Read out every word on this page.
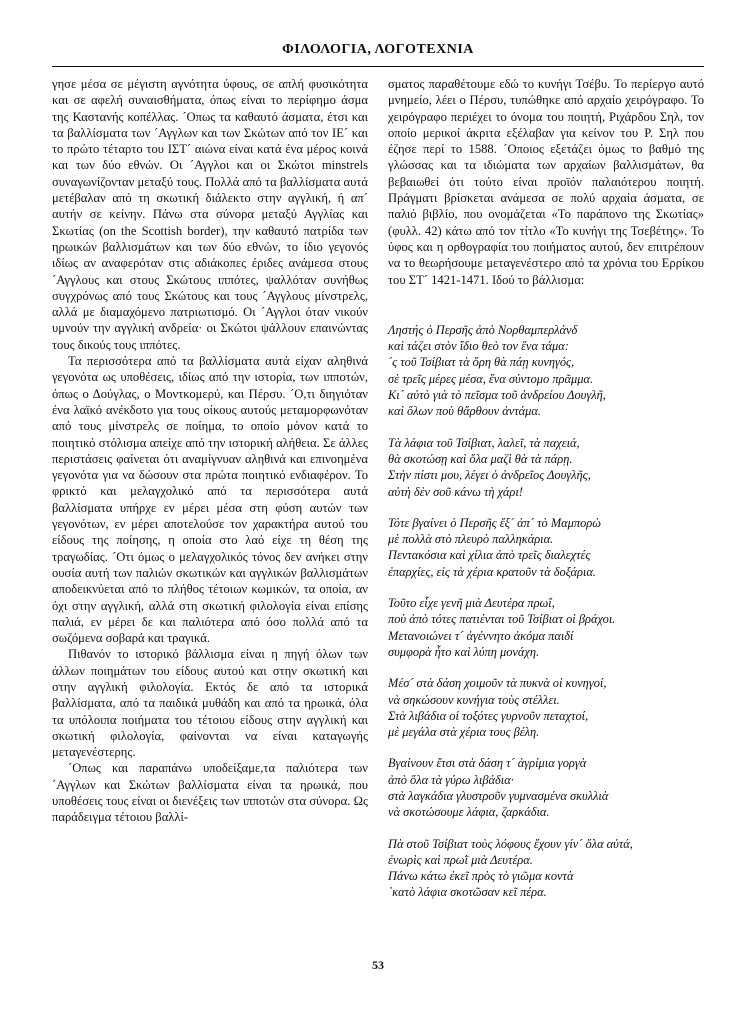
ΦΙΛΟΛΟΓΙΑ, ΛΟΓΟΤΕΧΝΙΑ

γησε μέσα σε μέγιστη αγνότητα ύφους, σε απλή φυσικότητα και σε αφελή συναισθήματα, όπως είναι το περίφημο άσμα της Καστανής κοπέλλας. ´Οπως τα καθαυτό άσματα, έτσι και τα βαλλίσματα των ´Αγγλων και των Σκώτων από τον ΙΕ´ και το πρώτο τέταρτο του ΙΣΤ´ αιώνα είναι κατά ένα μέρος κοινά και των δύο εθνών. Οι ´Αγγλοι και οι Σκώτοι minstrels συναγωνίζονταν μεταξύ τους. Πολλά από τα βαλλίσματα αυτά μετέβαλαν από τη σκωτική διάλεκτο στην αγγλική, ή απ´ αυτήν σε κείνην. Πάνω στα σύνορα μεταξύ Αγγλίας και Σκωτίας (on the Scottish border), την καθαυτό πατρίδα των ηρωικών βαλλισμάτων και των δύο εθνών, το ίδιο γεγονός ιδίως αν αναφερόταν στις αδιάκοπες έριδες ανάμεσα στους ´Αγγλους και στους Σκώτους ιππότες, ψαλλόταν συνήθως συγχρόνως από τους Σκώτους και τους ´Αγγλους μίνστρελς, αλλά με διαμαχόμενο πατριωτισμό. Οι ´Αγγλοι όταν νικούν υμνούν την αγγλική ανδρεία· οι Σκώτοι ψάλλουν επαινώντας τους δικούς τους ιππότες.

Τα περισσότερα από τα βαλλίσματα αυτά είχαν αληθινά γεγονότα ως υποθέσεις, ιδίως από την ιστορία, των ιπποτών, όπως ο Δούγλας, ο Μοντκομερύ, και Πέρσυ. ´Ο,τι διηγιόταν ένα λαϊκό ανέκδοτο για τους οίκους αυτούς μεταμορφωνόταν από τους μίνστρελς σε ποίημα, το οποίο μόνον κατά το ποιητικό στόλισμα απείχε από την ιστορική αλήθεια. Σε άλλες περιστάσεις φαίνεται ότι αναμίγνυαν αληθινά και επινοημένα γεγονότα για να δώσουν στα πρώτα ποιητικό ενδιαφέρον. Το φρικτό και μελαγχολικό από τα περισσότερα αυτά βαλλίσματα υπήρχε εν μέρει μέσα στη φύση αυτών των γεγονότων, εν μέρει αποτελούσε τον χαρακτήρα αυτού του είδους της ποίησης, η οποία στο λαό είχε τη θέση της τραγωδίας. ´Οτι όμως ο μελαγχολικός τόνος δεν ανήκει στην ουσία αυτή των παλιών σκωτικών και αγγλικών βαλλισμάτων αποδεικνύεται από το πλήθος τέτοιων κωμικών, τα οποία, αν όχι στην αγγλική, αλλά στη σκωτική φιλολογία είναι επίσης παλιά, εν μέρει δε και παλιότερα από όσο πολλά από τα σωζόμενα σοβαρά και τραγικά.

Πιθανόν το ιστορικό βάλλισμα είναι η πηγή όλων των άλλων ποιημάτων του είδους αυτού και στην σκωτική και στην αγγλική φιλολογία. Εκτός δε από τα ιστορικά βαλλίσματα, από τα παιδικά μυθάδη και από τα ηρωικά, όλα τα υπόλοιπα ποιήματα του τέτοιου είδους στην αγγλική και σκωτική φιλολογία, φαίνονται να είναι καταγωγής μεταγενέστερης.

´Οπως και παραπάνω υποδείξαμε,τα παλιότερα των ´Αγγλων και Σκώτων βαλλίσματα είναι τα ηρωικά, που υποθέσεις τους είναι οι διενέξεις των ιπποτών στα σύνορα. Ως παράδειγμα τέτοιου βαλλί-

σματος παραθέτουμε εδώ το κυνήγι Τσέβυ. Το περίεργο αυτό μνημείο, λέει ο Πέρσυ, τυπώθηκε από αρχαίο χειρόγραφο. Το χειρόγραφο περιέχει το όνομα του ποιητή, Ριχάρδου Σηλ, τον οποίο μερικοί άκριτα εξέλαβαν για κείνον του Ρ. Σηλ που έζησε περί το 1588. ´Οποιος εξετάζει όμως το βαθμό της γλώσσας και τα ιδιώματα των αρχαίων βαλλισμάτων, θα βεβαιωθεί ότι τούτο είναι προϊόν παλαιότερου ποιητή. Πράγματι βρίσκεται ανάμεσα σε πολύ αρχαία άσματα, σε παλιό βιβλίο, που ονομάζεται «Το παράπονο της Σκωτίας» (φυλλ. 42) κάτω από τον τίτλο «Το κυνήγι της Τσεβέτης». Το ύφος και η ορθογραφία του ποιήματος αυτού, δεν επιτρέπουν να το θεωρήσουμε μεταγενέστερο από τα χρόνια του Ερρίκου του ΣΤ´ 1421-1471. Ιδού το βάλλισμα:

Ληστής ὁ Περσῆς ἀπὸ Νορθαμπερλάνδ
καὶ τάζει στὸν ἴδιο θεὸ τον ἕνα τάμα:
´ς τοῦ Τσίβιατ τὰ ὄρη θὰ πάῃ κυνηγός,
σὲ τρεῖς μέρες μέσα, ἕνα σύντομο πρᾶμμα.
Κι´ αὐτὸ γιὰ τὸ πεῖσμα τοῦ ἀνδρείου Δουγλῆ,
καὶ ὅλων ποὺ θἄρθουν ἀντάμα.
Τὰ λάφια τοῦ Τσίβιατ, λαλεῖ, τὰ παχειά,
θὰ σκοτώσῃ καὶ ὅλα μαζὶ θὰ τὰ πάρῃ.
Στὴν πίστι μου, λέγει ὁ ἀνδρεῖος Δουγλῆς,
αὐτὴ δὲν σοῦ κάνω τὴ χάρι!
Τότε βγαίνει ὁ Περσῆς ἔξ´ ἀπ´ τὸ Μαμπορὼ
μὲ πολλὰ στὸ πλευρὸ παλληκάρια.
Πεντακόσια καὶ χίλια ἀπὸ τρεῖς διαλεχτές
ἐπαρχίες, εἰς τὰ χέρια κρατοῦν τὰ δοξάρια.
Τοῦτο εἶχε γενῆ μιὰ Δευτέρα πρωΐ,
ποὺ ἀπὸ τότες πατιένται τοῦ Τσίβιατ οἱ βράχοι.
Μετανοιώνει τ´ ἀγέννητο ἀκόμα παιδί
συμφορὰ ἦτο καὶ λύπη μονάχη.
Μέσ´ στὰ δάση χοιμοῦν τὰ πυκνὰ οἱ κυνηγοί,
νὰ σηκώσουν κυνήγια τοὺς στέλλει.
Στὰ λιβάδια οἱ τοξότες γυρνοῦν πεταχτοί,
μὲ μεγάλα στὰ χέρια τους βέλη.
Βγαίνουν ἔτσι στὰ δάση τ´ ἀγρίμια γοργὰ
ἀπὸ ὅλα τὰ γύρω λιβάδια·
στὰ λαγκάδια γλυστροῦν γυμνασμένα σκυλλιὰ
νὰ σκοτώσουμε λάφια, ζαρκάδια.
Πὰ στοῦ Τσίβιατ τοὺς λόφους ἔχουν γίν´ ὅλα αὐτά,
ἐνωρὶς καὶ πρωῒ μιὰ Δευτέρα.
Πάνω κάτω ἐκεῖ πρὸς τὸ γιῶμα κοντὰ
᾽κατὸ λάφια σκοτῶσαν κεῖ πέρα.
53
